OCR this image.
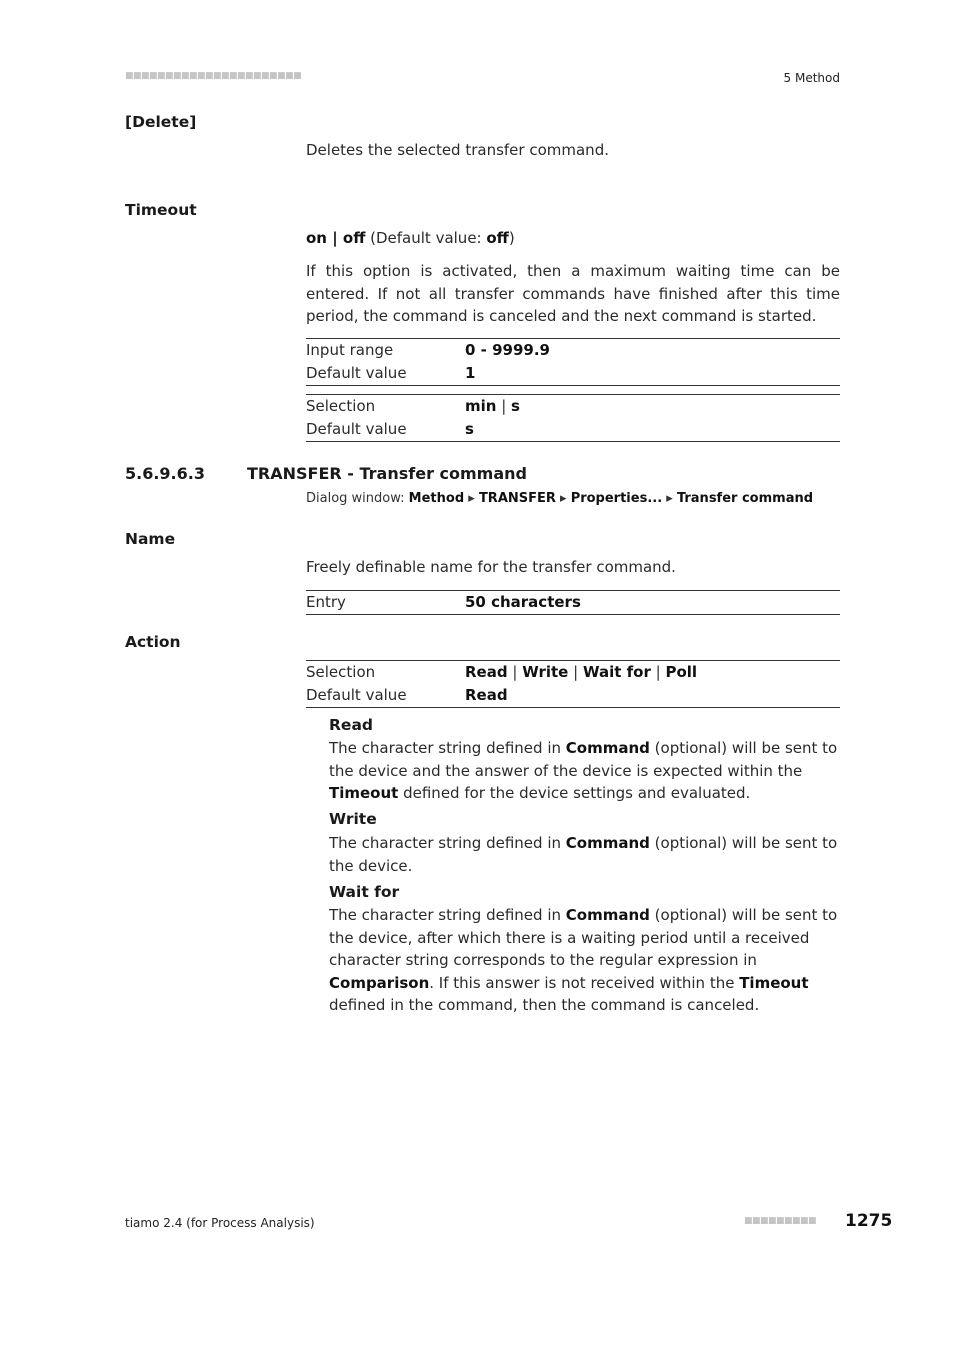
■■■■■■■■■■■■■■■■■■■■■■	5 Method
[Delete]
Deletes the selected transfer command.
Timeout
on | off (Default value: off)
If this option is activated, then a maximum waiting time can be entered. If not all transfer commands have finished after this time period, the command is canceled and the next command is started.
Input range	0 - 9999.9
Default value	1
Selection	min | s
Default value	s
5.6.9.6.3	TRANSFER - Transfer command
Dialog window: Method ▸ TRANSFER ▸ Properties... ▸ Transfer command
Name
Freely definable name for the transfer command.
Entry	50 characters
Action
Selection	Read | Write | Wait for | Poll
Default value	Read
Read
The character string defined in Command (optional) will be sent to the device and the answer of the device is expected within the Timeout defined for the device settings and evaluated.
Write
The character string defined in Command (optional) will be sent to the device.
Wait for
The character string defined in Command (optional) will be sent to the device, after which there is a waiting period until a received character string corresponds to the regular expression in Comparison. If this answer is not received within the Timeout defined in the command, then the command is canceled.
tiamo 2.4 (for Process Analysis)	■■■■■■■■■ 1275
